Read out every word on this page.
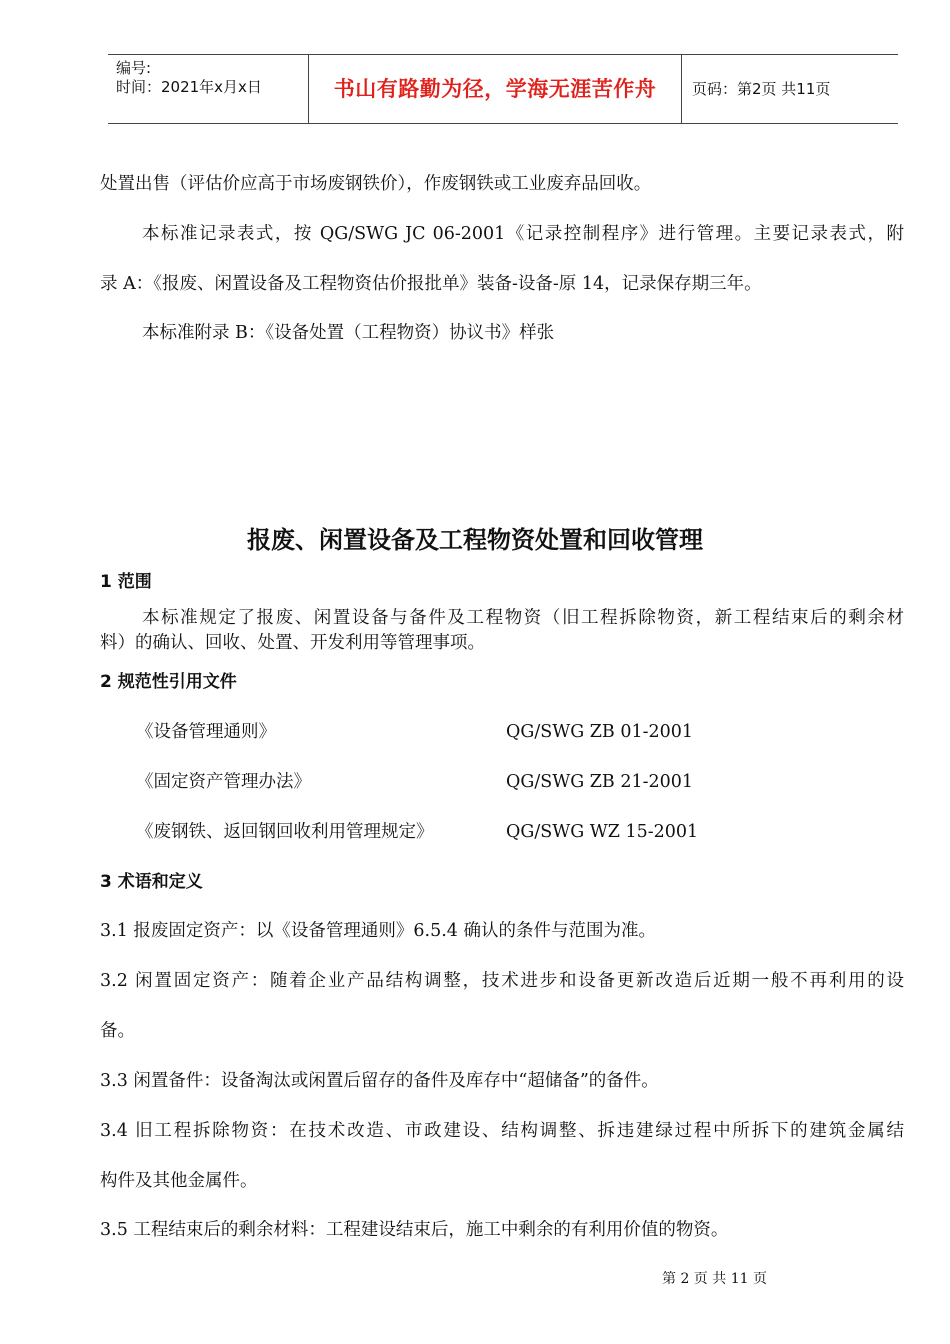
编号:
时间：2021年x月x日	书山有路勤为径，学海无涯苦作舟	页码：第2页 共11页
处置出售（评估价应高于市场废钢铁价），作废钢铁或工业废弃品回收。
本标准记录表式，按 QG/SWG JC 06-2001《记录控制程序》进行管理。主要记录表式，附
录 A：《报废、闲置设备及工程物资估价报批单》装备-设备-原 14，记录保存期三年。
本标准附录 B：《设备处置（工程物资）协议书》样张
报废、闲置设备及工程物资处置和回收管理
1 范围
本标准规定了报废、闲置设备与备件及工程物资（旧工程拆除物资，新工程结束后的剩余材
料）的确认、回收、处置、开发利用等管理事项。
2 规范性引用文件
《设备管理通则》	QG/SWG ZB 01-2001
《固定资产管理办法》	QG/SWG ZB 21-2001
《废钢铁、返回钢回收利用管理规定》	QG/SWG WZ 15-2001
3 术语和定义
3.1 报废固定资产：以《设备管理通则》6.5.4 确认的条件与范围为准。
3.2 闲置固定资产：随着企业产品结构调整，技术进步和设备更新改造后近期一般不再利用的设
备。
3.3 闲置备件：设备淘汰或闲置后留存的备件及库存中“超储备”的备件。
3.4 旧工程拆除物资：在技术改造、市政建设、结构调整、拆违建绿过程中所拆下的建筑金属结
构件及其他金属件。
3.5 工程结束后的剩余材料：工程建设结束后，施工中剩余的有利用价值的物资。
第 2 页 共 11 页
